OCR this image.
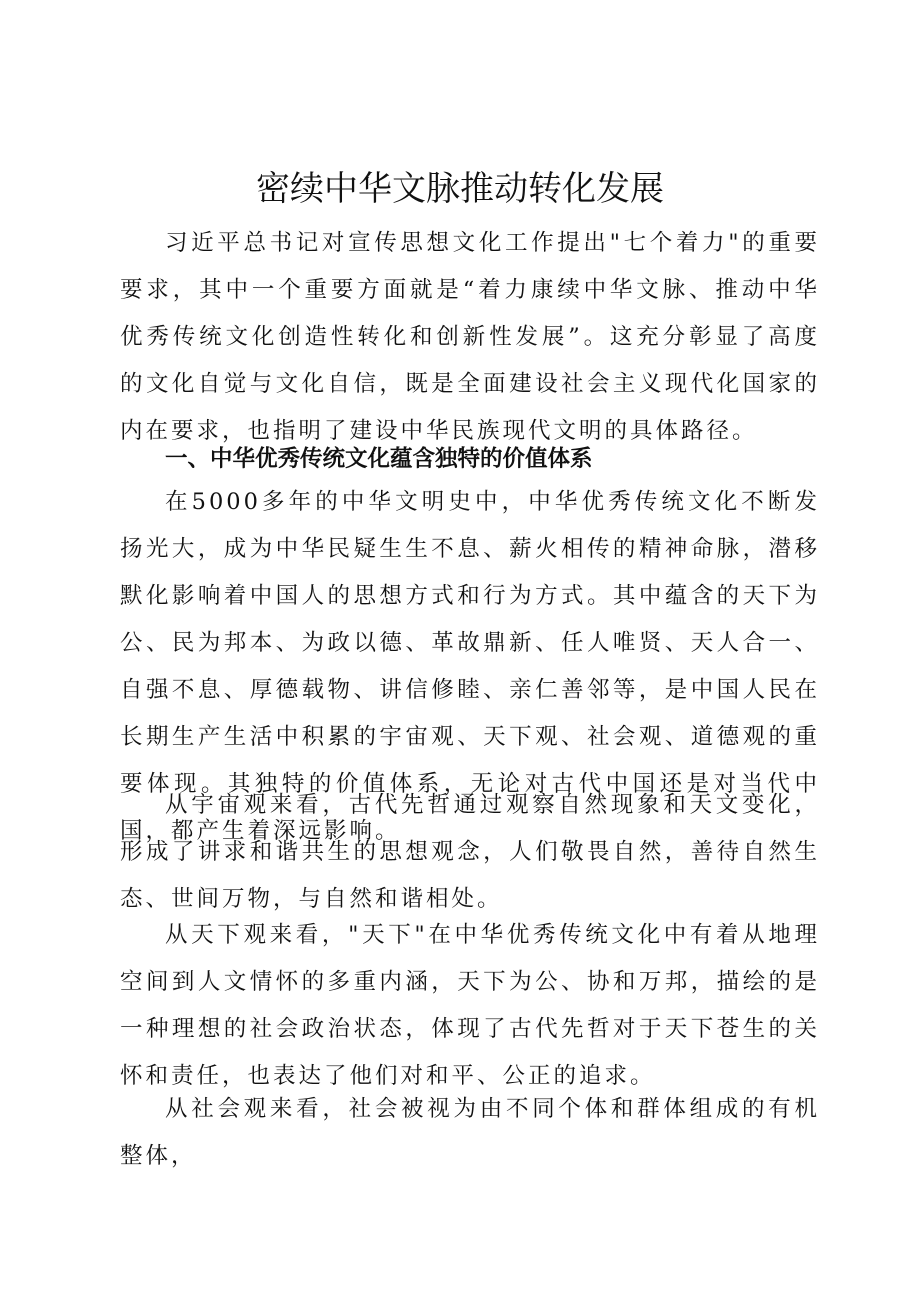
密续中华文脉推动转化发展

习近平总书记对宣传思想文化工作提出"七个着力"的重要要求，其中一个重要方面就是“着力康续中华文脉、推动中华优秀传统文化创造性转化和创新性发展”。这充分彰显了高度的文化自觉与文化自信，既是全面建设社会主义现代化国家的内在要求，也指明了建设中华民族现代文明的具体路径。

一、中华优秀传统文化蕴含独特的价值体系

在5000多年的中华文明史中，中华优秀传统文化不断发扬光大，成为中华民疑生生不息、薪火相传的精神命脉，潜移默化影响着中国人的思想方式和行为方式。其中蕴含的天下为公、民为邦本、为政以德、革故鼎新、任人唯贤、天人合一、自强不息、厚德载物、讲信修睦、亲仁善邻等，是中国人民在长期生产生活中积累的宇宙观、天下观、社会观、道德观的重要体现。其独特的价值体系，无论对古代中国还是对当代中国，都产生着深远影响。

从宇宙观来看，古代先哲通过观察自然现象和天文变化，形成了讲求和谐共生的思想观念，人们敬畏自然，善待自然生态、世间万物，与自然和谐相处。

从天下观来看，"天下"在中华优秀传统文化中有着从地理空间到人文情怀的多重内涵，天下为公、协和万邦，描绘的是一种理想的社会政治状态，体现了古代先哲对于天下苍生的关怀和责任，也表达了他们对和平、公正的追求。

从社会观来看，社会被视为由不同个体和群体组成的有机整体，
